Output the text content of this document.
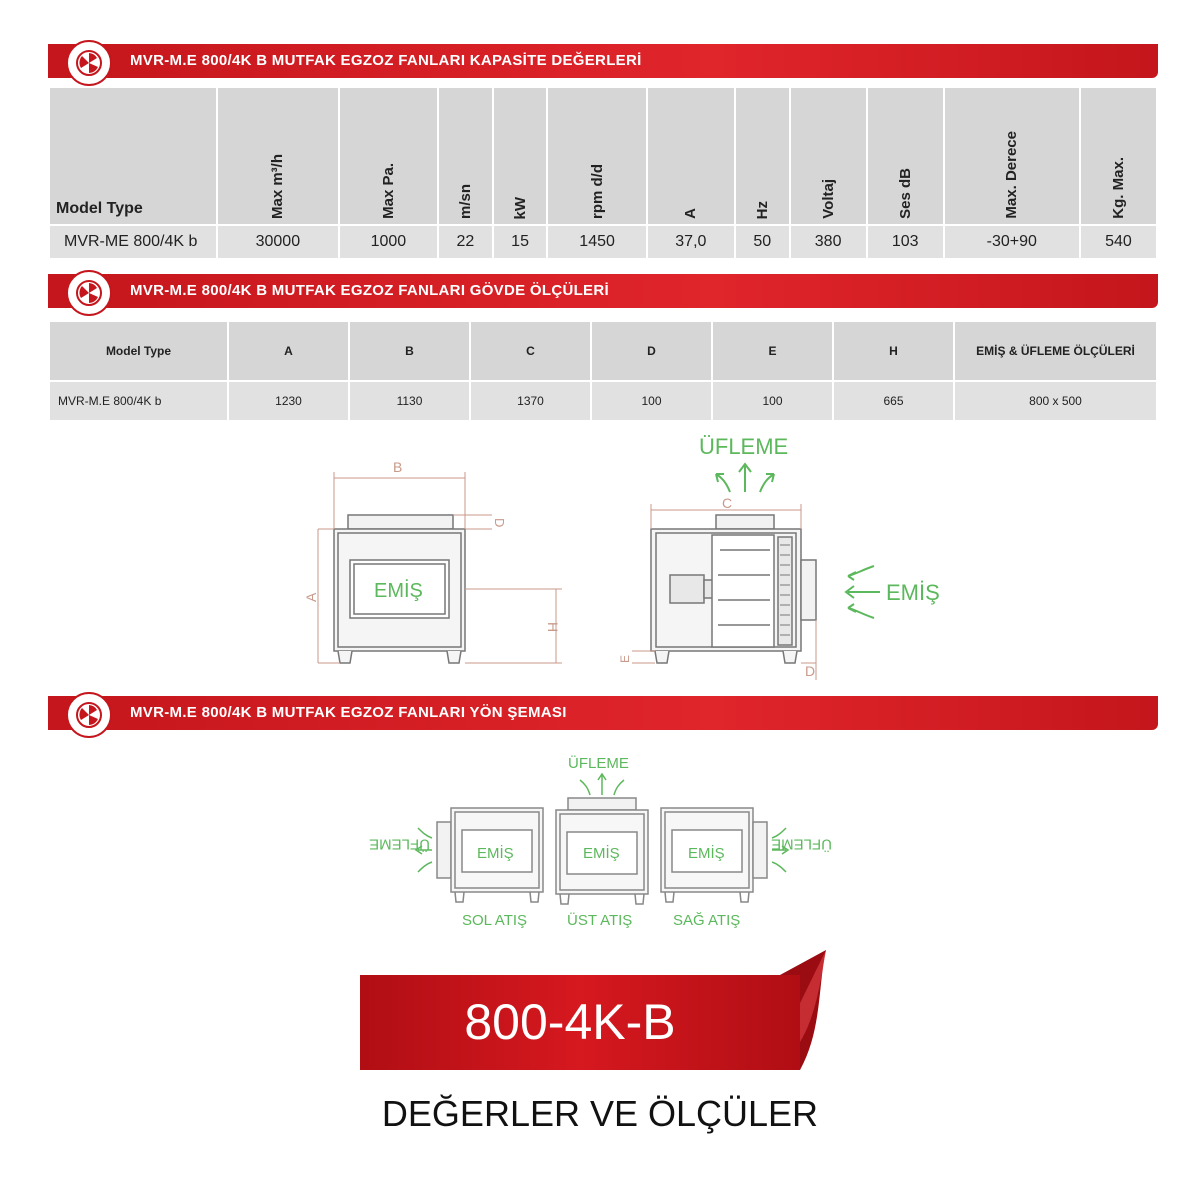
MVR-M.E 800/4K B MUTFAK EGZOZ FANLARI KAPASİTE DEĞERLERİ
Model Type	Max m³/h	Max Pa.	m/sn	kW	rpm d/d	A	Hz	Voltaj	Ses dB	Max. Derece	Kg. Max.
MVR-ME 800/4K b	30000	1000	22	15	1450	37,0	50	380	103	-30+90	540
MVR-M.E 800/4K B MUTFAK EGZOZ FANLARI GÖVDE ÖLÇÜLERİ
Model Type	A	B	C	D	E	H	EMİŞ & ÜFLEME ÖLÇÜLERİ
MVR-M.E 800/4K b	1230	1130	1370	100	100	665	800 x 500
B
D
A
H
EMİŞ
C
E
D
ÜFLEME
EMİŞ
EMİŞ	EMİŞ	EMİŞ
ÜFLEME
ÜFLEME	ÜFLEME
SOL ATIŞ	ÜST ATIŞ	SAĞ ATIŞ
MVR-M.E 800/4K B MUTFAK EGZOZ FANLARI YÖN ŞEMASI
800-4K-B
DEĞERLER VE ÖLÇÜLER
